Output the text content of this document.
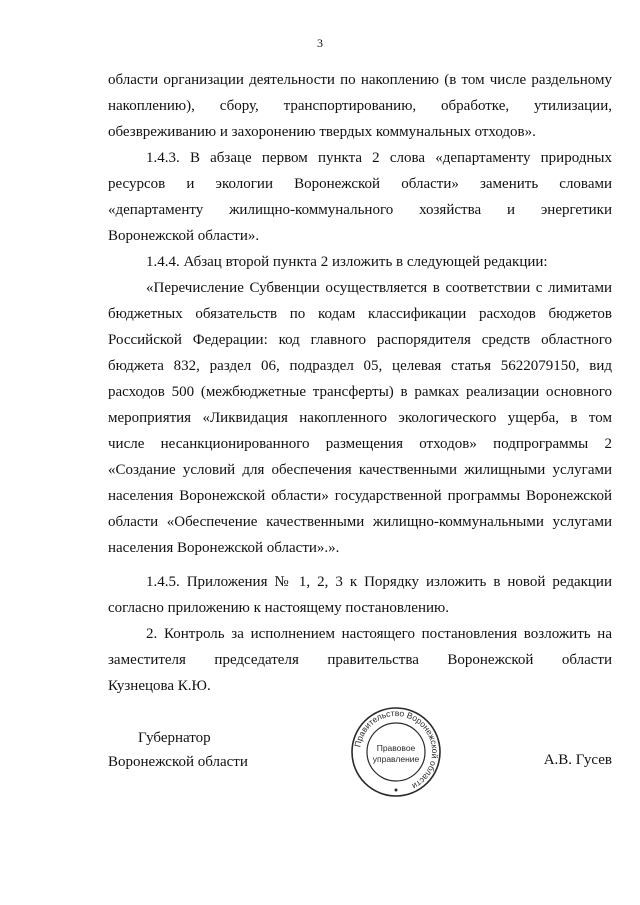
3
области организации деятельности по накоплению (в том числе раздельному
накоплению), сбору, транспортированию, обработке, утилизации,
обезвреживанию и захоронению твердых коммунальных отходов».
1.4.3. В абзаце первом пункта 2 слова «департаменту природных
ресурсов и экологии Воронежской области» заменить словами
«департаменту жилищно-коммунального хозяйства и энергетики
Воронежской области».
1.4.4. Абзац второй пункта 2 изложить в следующей редакции:
«Перечисление Субвенции осуществляется в соответствии с лимитами
бюджетных обязательств по кодам классификации расходов бюджетов
Российской Федерации: код главного распорядителя средств областного
бюджета 832, раздел 06, подраздел 05, целевая статья 5622079150, вид
расходов 500 (межбюджетные трансферты) в рамках реализации основного
мероприятия «Ликвидация накопленного экологического ущерба, в том
числе несанкционированного размещения отходов» подпрограммы 2
«Создание условий для обеспечения качественными жилищными услугами
населения Воронежской области» государственной программы Воронежской
области «Обеспечение качественными жилищно-коммунальными услугами
населения Воронежской области».».
1.4.5. Приложения № 1, 2, 3 к Порядку изложить в новой редакции
согласно приложению к настоящему постановлению.
2. Контроль за исполнением настоящего постановления возложить на
заместителя председателя правительства Воронежской области
Кузнецова К.Ю.
Губернатор
Воронежской области
Правительство Воронежской области
Правовое
управление	А.В. Гусев
